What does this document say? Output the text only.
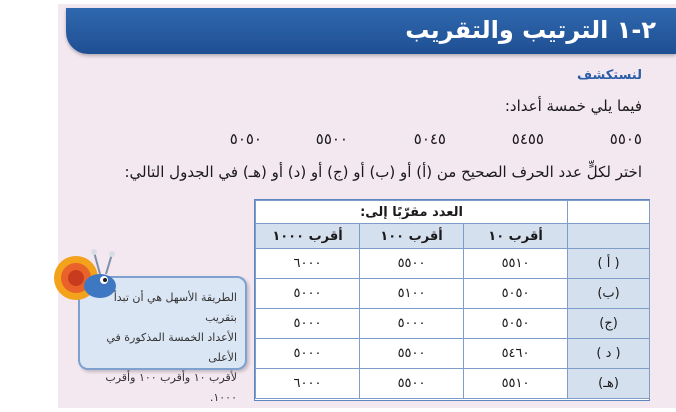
٢-١ الترتيب والتقريب
لنستكشف
فيما يلي خمسة أعداد:
٥٥٠٥
٥٤٥٥
٥٠٤٥
٥٥٠٠
٥٠٥٠
اختر لكلٍّ عدد الحرف الصحيح من (أ) أو (ب) أو (ج) أو (د) أو (هـ) في الجدول التالي:
	العدد مقرّبًا إلى:		
	أقرب ١٠	أقرب ١٠٠	أقرب ١٠٠٠
( أ )	٥٥١٠	٥٥٠٠	٦٠٠٠
(ب)	٥٠٥٠	٥١٠٠	٥٠٠٠
(ج)	٥٠٥٠	٥٠٠٠	٥٠٠٠
( د )	٥٤٦٠	٥٥٠٠	٥٠٠٠
(هـ)	٥٥١٠	٥٥٠٠	٦٠٠٠
الطريقة الأسهل هي أن تبدأ بتقريب
الأعداد الخمسة المذكورة في الأعلى
لأقرب ١٠ وأقرب ١٠٠ وأقرب ١٠٠٠.
